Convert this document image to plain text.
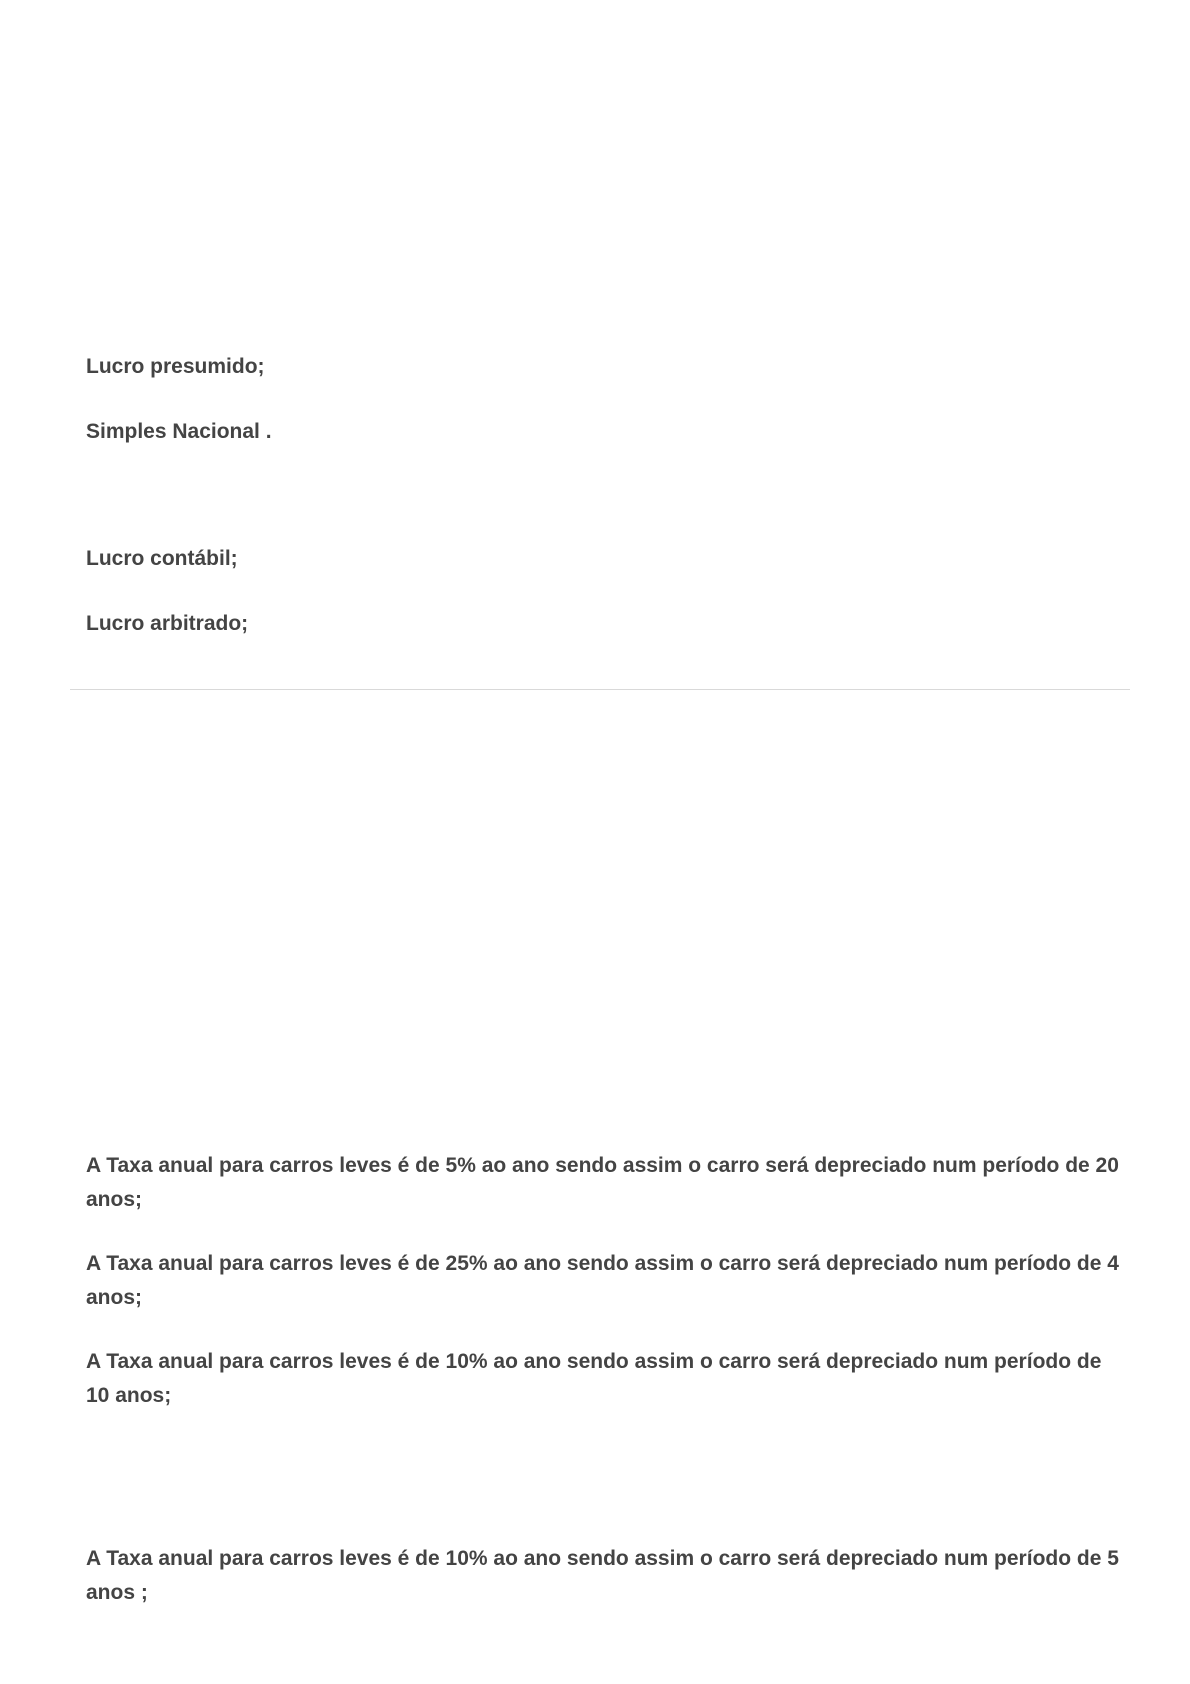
Lucro presumido;

Simples Nacional .

Lucro contábil;

Lucro arbitrado;

A Taxa anual para carros leves é de 5% ao ano sendo assim o carro será depreciado num período de 20 anos;

A Taxa anual para carros leves é de 25% ao ano sendo assim o carro será depreciado num período de 4 anos;

A Taxa anual para carros leves é de 10% ao ano sendo assim o carro será depreciado num período de 10 anos;

A Taxa anual para carros leves é de 10% ao ano sendo assim o carro será depreciado num período de 5 anos ;
